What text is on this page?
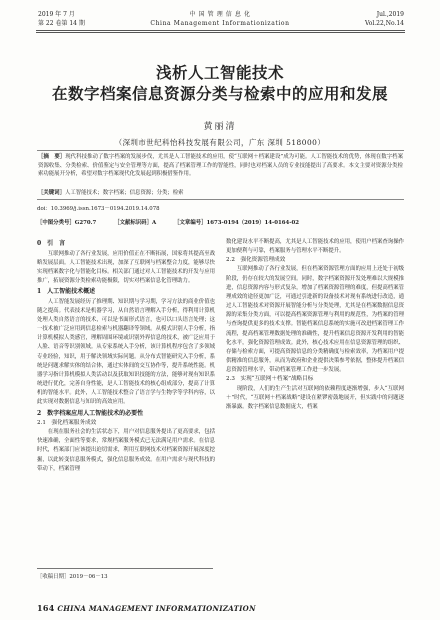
2019 年 7 月
第 22 卷第 14 期
中 国 管 理 信 息 化
China Management Informationization
Jul.,2019
Vol.22,No.14
浅析人工智能技术
在数字档案信息资源分类与检索中的应用和发展
黄丽清
（深圳市世纪科怡科技发展有限公司，广东 深圳 518000）
［摘　要］现代科技推动了数字档案的发展步伐，尤其是人工智能技术的应用，使“互联网＋档案建设”成为可能。人工智能技术的优势，体现在数字档案资源收集、分类检索、价值鉴定与安全管理等方面，提高了档案管理工作的智能性，同时也对档案人员的专业技能提出了高要求。本文主要对资源分类检索功能展开分析，希望对数字档案现代化发展起到积极借鉴作用。
［关键词］人工智能技术；数字档案；信息资源；分类；检索
doi：10.3969/j.issn.1673－0194.2019.14.078
［中图分类号］G270.7	［文献标识码］A	［文章编号］1673-0194（2019）14-0164-02
0　引　言

互联网推动了各行业发展，应用价值正在不断拓展，国家将其提高至战略发展层面。人工智能技术出现，加深了互联网与档案整合力度，能够尽快实现档案数字化与智能化目标。相关部门通过对人工智能技术的开发与应用推广，拓展资源分类检索功能极限，切实对档案信息化管理助力。

1　人工智能技术概述

人工智能发展经历了推理期、知识期与学习期，学习方法的商业价值也随之提高。代表技术是机器学习，从自然语言理解入手分析，得利用计算机处理人类自然语言的技术，可以是书面形式语言，也可以口头语言处理；这一技术被广泛应用到信息检索与机器翻译等领域。从模式识别人手分析，指计算机模拟人类感官，理解周围环境或识别外界信息的技术，被广泛应用于人脸、语音等识别领域。从专家系统入手分析，该计算机程序包含了多领域专业经验，知识，用于解决领域实际问题。从分布式智能研究入手分析，系统是问题求解实体的结合体，通过实体间的交互协作等，提升系统性能。机器学习指计算机模拟人类活动以及获取知识技能的方法，能够对现有知识系统进行优化，完善自身性能，是人工智能技术的核心组成部分，提高了计算机的智能水平。此外，人工智能技术整合了语言学与生物学等学科内容，以此实现对数据信息与知识的高效应用。

2　数字档案应用人工智能技术的必要性
2.1　强化档案服务成效

在现在服务社会的生活状态下，用户对信息服务提出了更高要求，包括快速准确，全面性等要求，常规档案服务模式已无法满足用户需求。在信息时代，档案部门应该提出迫切需求，利用互联网技术对档案资源开展深度挖掘，以此转变信息服务模式，强化信息服务成效。在用户需求与现代科技的带动下，档案管理

数化建设水平不断提高，尤其是人工智能技术的应用，使用户档案查询操作更加便利与可靠，档案服务与管理水平不断提升。

2.2　强化资源管理成效

互联网推动了各行业发展，但在档案资源管理方面的应用上还处于初级阶段，仍存在较大的发展空间。同时，数字档案资源开发处理难以大规模推进，信息资源内容与形式复杂，增加了档案资源管理的难度，但提高档案管理成效的途径更加广泛，可通过引进新的设备技术对现有系统进行改造，通过人工智能技术对资源开展智能分析与分类处理，尤其是在档案数据信息资源的采集分类方面，可以提高档案资源管理与利用的规范性，为档案的管理与查询提供更多的技术支撑。智能档案信息系统的实施可改进档案管理工作流程，提高档案管理数据处理的准确性，提升档案信息资源开发利用的智能化水平，强化资源管理成效。此外，核心技术应用在信息资源管理的组织、存储与检索方面，可提高资源信息的分类精确度与检索效率，为档案用户提供精准的信息服务，从而为政府和企业提供决策参考依据，整体提升档案信息资源管理水平，带动档案管理工作进一步发展。

2.3　实现“互联网＋档案”战略目标

现阶段，人们的生产生活对互联网的依赖程度逐渐增强，步入“互联网＋”时代，“互联网＋档案战略”建设在紧锣密鼓地展开，但实践中的问题逐渐暴露。数字档案信息数据庞大，档案

［收稿日期］2019－06－13
164 CHINA MANAGEMENT INFORMATIONIZATION
